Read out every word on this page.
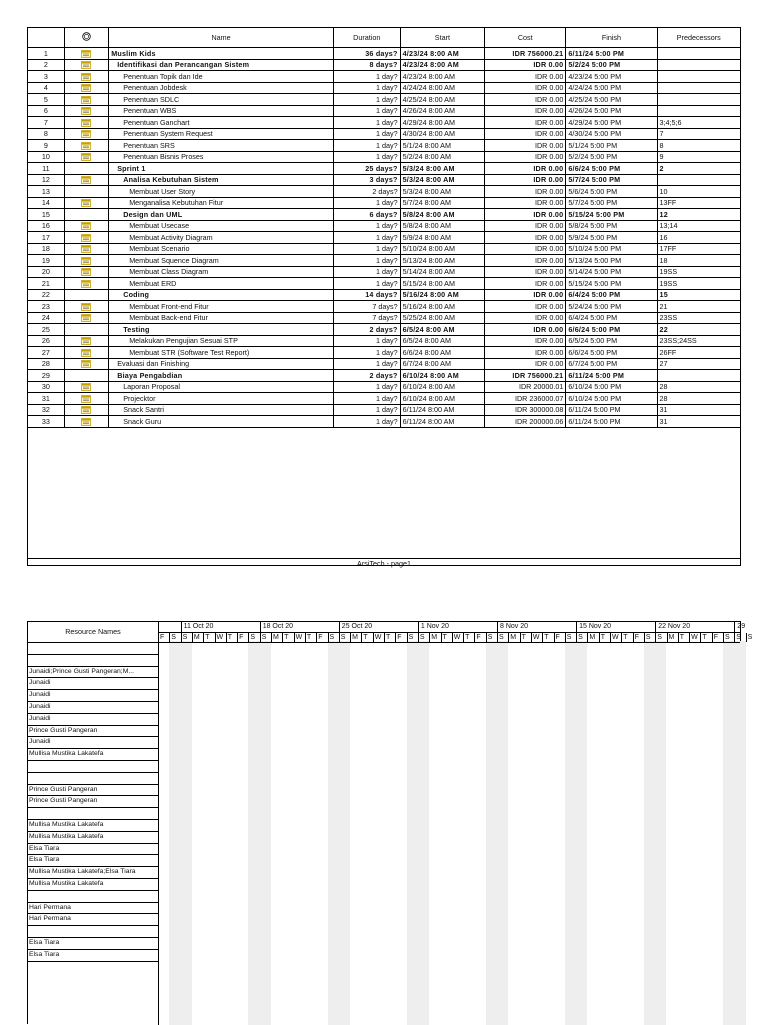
		Name	Duration	Start	Cost	Finish	Predecessors
1		Muslim Kids	36 days?	4/23/24 8:00 AM	IDR 756000.21	6/11/24 5:00 PM	
2		Identifikasi dan Perancangan Sistem	8 days?	4/23/24 8:00 AM	IDR 0.00	5/2/24 5:00 PM	
3		Penentuan Topik dan Ide	1 day?	4/23/24 8:00 AM	IDR 0.00	4/23/24 5:00 PM	
4		Penentuan Jobdesk	1 day?	4/24/24 8:00 AM	IDR 0.00	4/24/24 5:00 PM	
5		Penentuan SDLC	1 day?	4/25/24 8:00 AM	IDR 0.00	4/25/24 5:00 PM	
6		Penentuan WBS	1 day?	4/26/24 8:00 AM	IDR 0.00	4/26/24 5:00 PM	
7		Penentuan Ganchart	1 day?	4/29/24 8:00 AM	IDR 0.00	4/29/24 5:00 PM	3;4;5;6
8		Penentuan System Request	1 day?	4/30/24 8:00 AM	IDR 0.00	4/30/24 5:00 PM	7
9		Penentuan SRS	1 day?	5/1/24 8:00 AM	IDR 0.00	5/1/24 5:00 PM	8
10		Penentuan Bisnis Proses	1 day?	5/2/24 8:00 AM	IDR 0.00	5/2/24 5:00 PM	9
11		Sprint 1	25 days?	5/3/24 8:00 AM	IDR 0.00	6/6/24 5:00 PM	2
12		Analisa Kebutuhan Sistem	3 days?	5/3/24 8:00 AM	IDR 0.00	5/7/24 5:00 PM	
13		Membuat User Story	2 days?	5/3/24 8:00 AM	IDR 0.00	5/6/24 5:00 PM	10
14		Menganalisa Kebutuhan Fitur	1 day?	5/7/24 8:00 AM	IDR 0.00	5/7/24 5:00 PM	13FF
15		Design dan UML	6 days?	5/8/24 8:00 AM	IDR 0.00	5/15/24 5:00 PM	12
16		Membuat Usecase	1 day?	5/8/24 8:00 AM	IDR 0.00	5/8/24 5:00 PM	13;14
17		Membuat Activity Diagram	1 day?	5/9/24 8:00 AM	IDR 0.00	5/9/24 5:00 PM	16
18		Membuat Scenario	1 day?	5/10/24 8:00 AM	IDR 0.00	5/10/24 5:00 PM	17FF
19		Membuat Squence Diagram	1 day?	5/13/24 8:00 AM	IDR 0.00	5/13/24 5:00 PM	18
20		Membuat Class Diagram	1 day?	5/14/24 8:00 AM	IDR 0.00	5/14/24 5:00 PM	19SS
21		Membuat ERD	1 day?	5/15/24 8:00 AM	IDR 0.00	5/15/24 5:00 PM	19SS
22		Coding	14 days?	5/16/24 8:00 AM	IDR 0.00	6/4/24 5:00 PM	15
23		Membuat Front-end Fitur	7 days?	5/16/24 8:00 AM	IDR 0.00	5/24/24 5:00 PM	21
24		Membuat Back-end Fitur	7 days?	5/25/24 8:00 AM	IDR 0.00	6/4/24 5:00 PM	23SS
25		Testing	2 days?	6/5/24 8:00 AM	IDR 0.00	6/6/24 5:00 PM	22
26		Melakukan Pengujian Sesuai STP	1 day?	6/5/24 8:00 AM	IDR 0.00	6/5/24 5:00 PM	23SS;24SS
27		Membuat STR (Software Test Report)	1 day?	6/6/24 8:00 AM	IDR 0.00	6/6/24 5:00 PM	26FF
28		Evaluasi dan Finishing	1 day?	6/7/24 8:00 AM	IDR 0.00	6/7/24 5:00 PM	27
29		Biaya Pengabdian	2 days?	6/10/24 8:00 AM	IDR 756000.21	6/11/24 5:00 PM	
30		Laporan Proposal	1 day?	6/10/24 8:00 AM	IDR 20000.01	6/10/24 5:00 PM	28
31		Projecktor	1 day?	6/10/24 8:00 AM	IDR 236000.07	6/10/24 5:00 PM	28
32		Snack Santri	1 day?	6/11/24 8:00 AM	IDR 300000.08	6/11/24 5:00 PM	31
33		Snack Guru	1 day?	6/11/24 8:00 AM	IDR 200000.06	6/11/24 5:00 PM	31
ArsiTech - page1
Resource Names
Junaidi;Prince Gusti Pangeran;M...
Junaidi
Junaidi
Junaidi
Junaidi
Prince Gusti Pangeran
Junaidi
Mullisa Mustika Lakatefa
Prince Gusti Pangeran
Prince Gusti Pangeran
Mullisa Mustika Lakatefa
Mullisa Mustika Lakatefa
Elsa Tiara
Elsa Tiara
Mullisa Mustika Lakatefa;Elsa Tiara
Mullisa Mustika Lakatefa
Hari Permana
Hari Permana
Elsa Tiara
Elsa Tiara
11 Oct 20	18 Oct 20	25 Oct 20	1 Nov 20	8 Nov 20	15 Nov 20	22 Nov 20	29
F	S S M T	W T	F	S S M T	W T	F	S S M T	W T	F	S S M T	W T	F	S S M T	W T	F	S S M T	W T	F	S S M T	W T	F	S S S
